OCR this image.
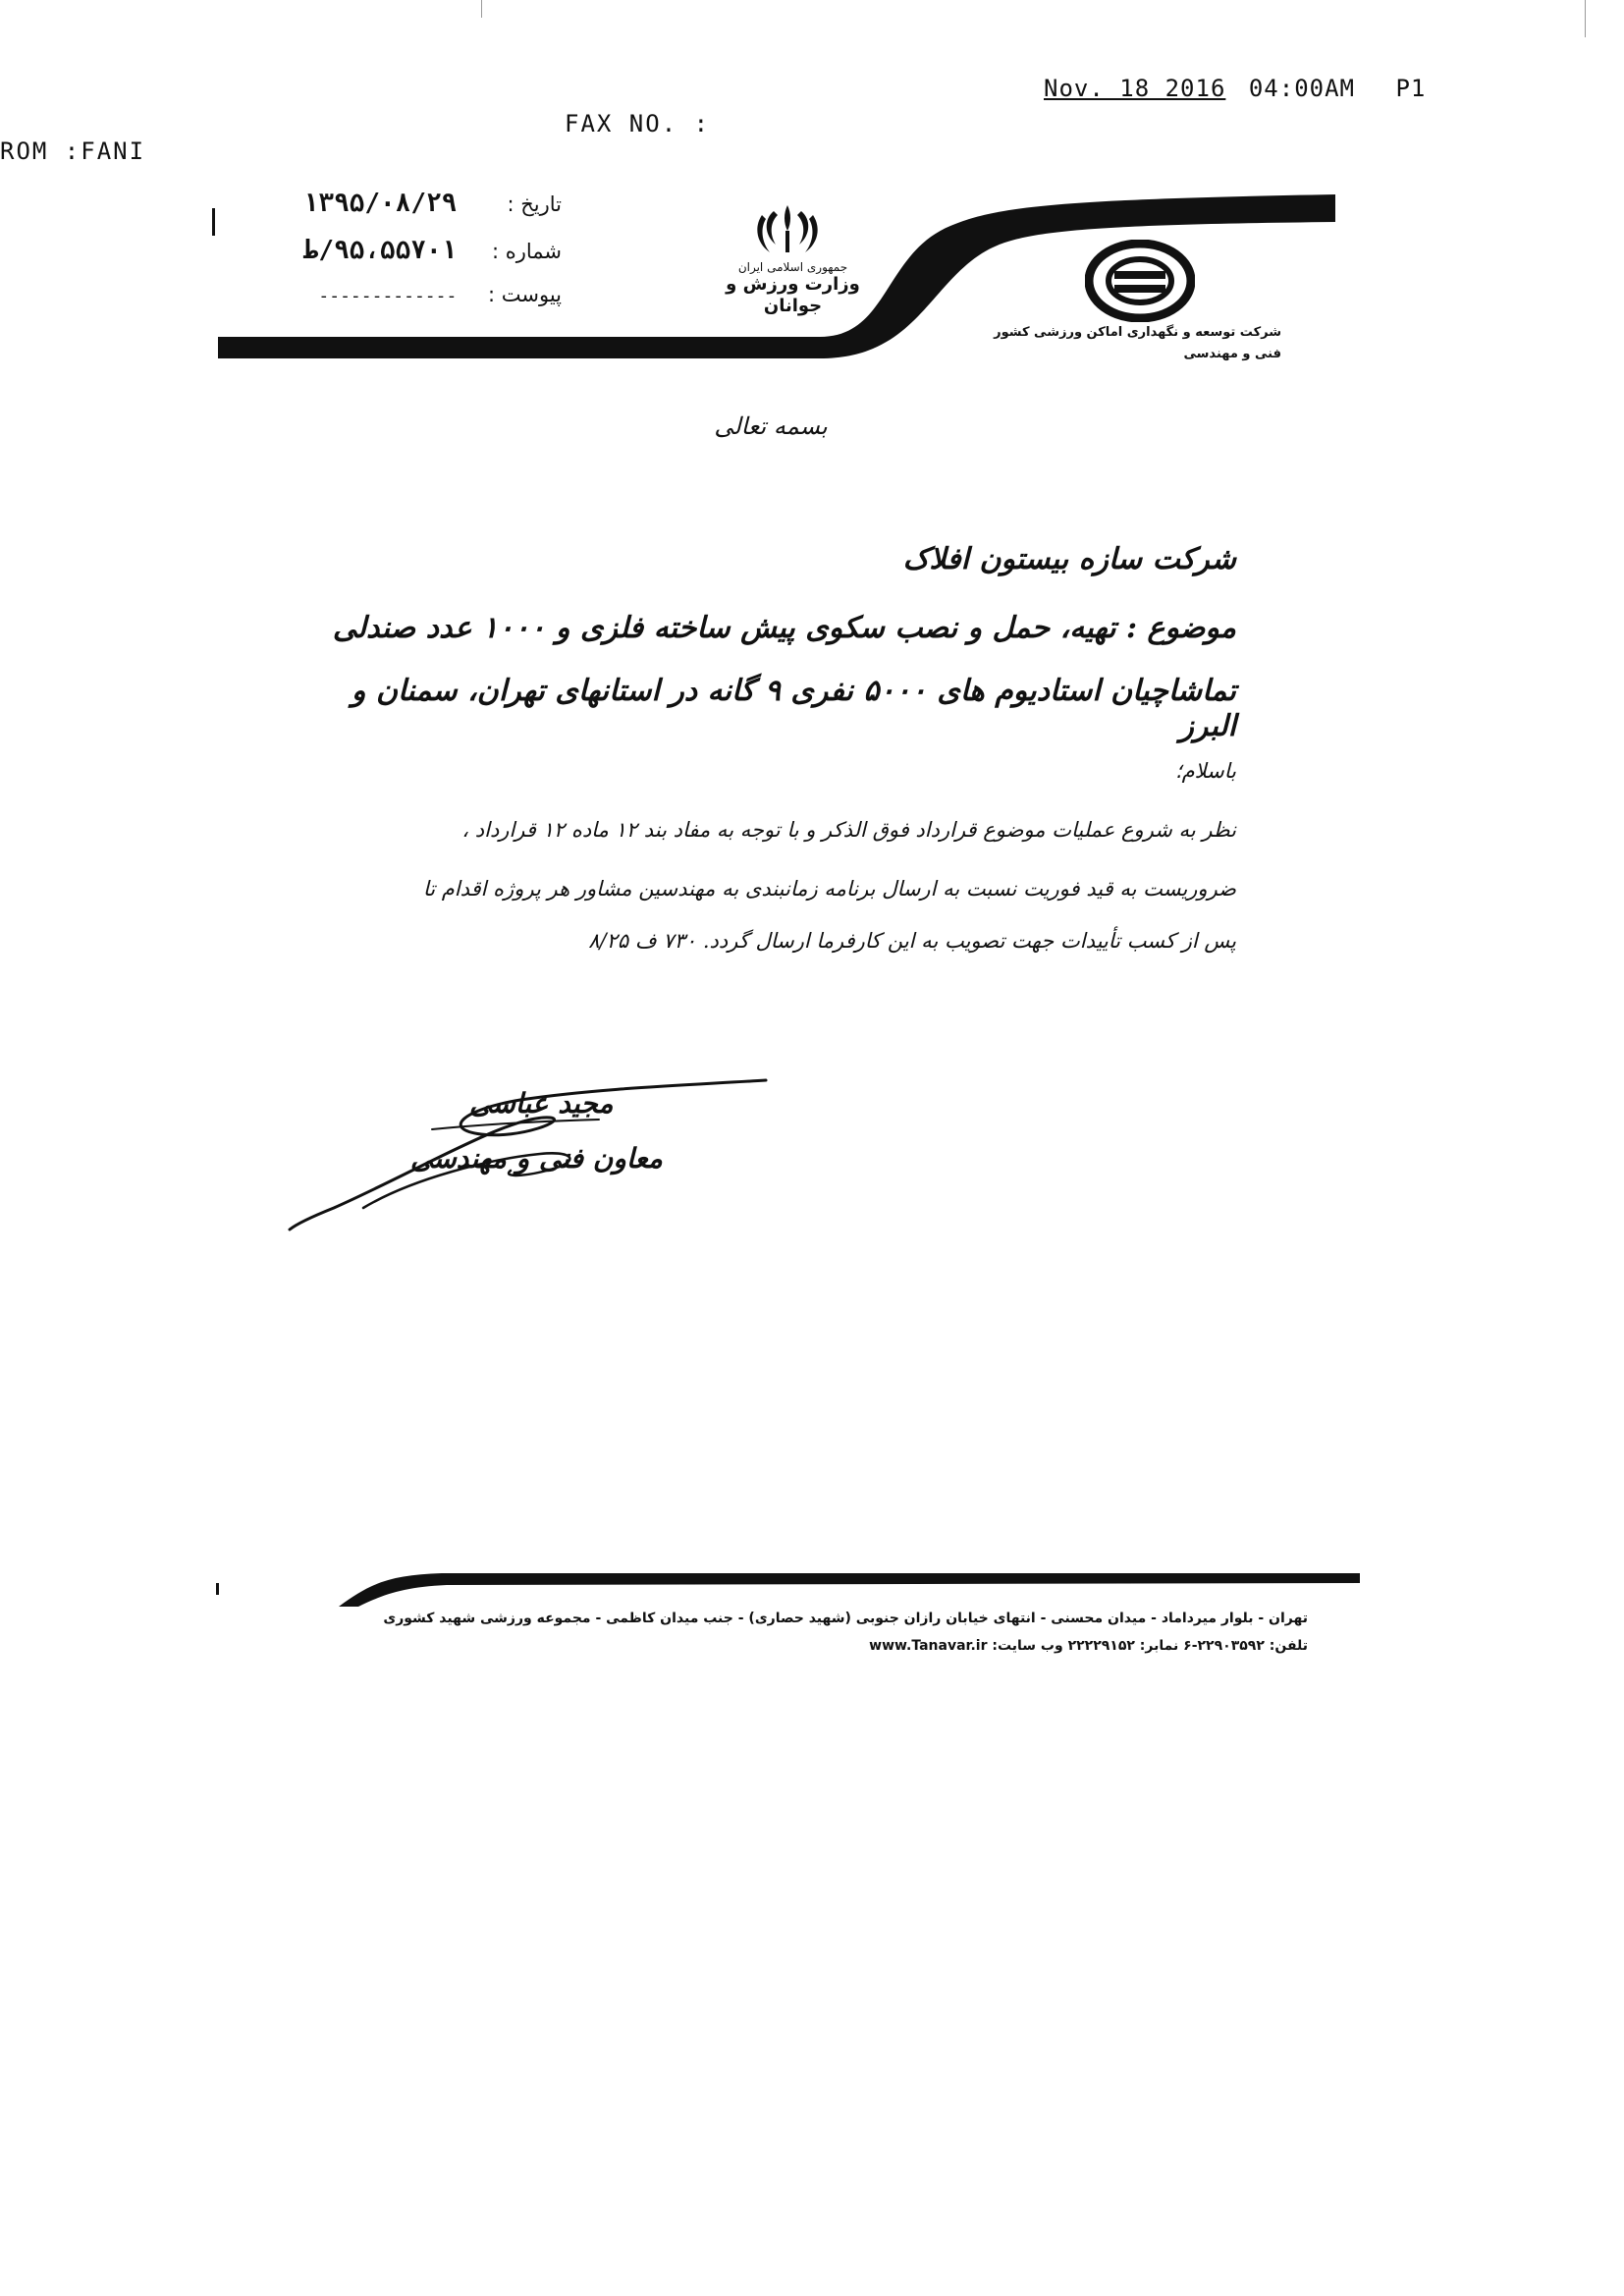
ROM :FANI
FAX NO. :
Nov. 18 2016 04:00AM P1
تاریخ : ۱۳۹۵/۰۸/۲۹
شماره : ۹۵،۵۵۷۰۱/ط
پیوست : -------------
جمهوری اسلامی ایران
وزارت ورزش و جوانان
شرکت توسعه و نگهداری اماکن ورزشی کشور
فنی و مهندسی
بسمه تعالی
شرکت سازه بیستون افلاک
موضوع : تهیه، حمل و نصب سکوی پیش ساخته فلزی و ۱۰۰۰ عدد صندلی
تماشاچیان استادیوم های ۵۰۰۰ نفری ۹ گانه در استانهای تهران، سمنان و البرز
باسلام؛
نظر به شروع عملیات موضوع قرارداد فوق الذکر و با توجه به مفاد بند ۱۲ ماده ۱۲ قرارداد ،
ضروریست به قید فوریت نسبت به ارسال برنامه زمانبندی به مهندسین مشاور هر پروژه اقدام تا
پس از کسب تأییدات جهت تصویب به این کارفرما ارسال گردد. ۷۳۰ ف ۸/۲۵
مجید عباسی
معاون فنی و مهندسی
تهران - بلوار میرداماد - میدان محسنی - انتهای خیابان رازان جنوبی (شهید حصاری) - جنب میدان کاظمی - مجموعه ورزشی شهید کشوری
تلفن: ۲۲۹۰۳۵۹۲-۶ نمابر: ۲۲۲۲۹۱۵۲ وب سایت: www.Tanavar.ir
